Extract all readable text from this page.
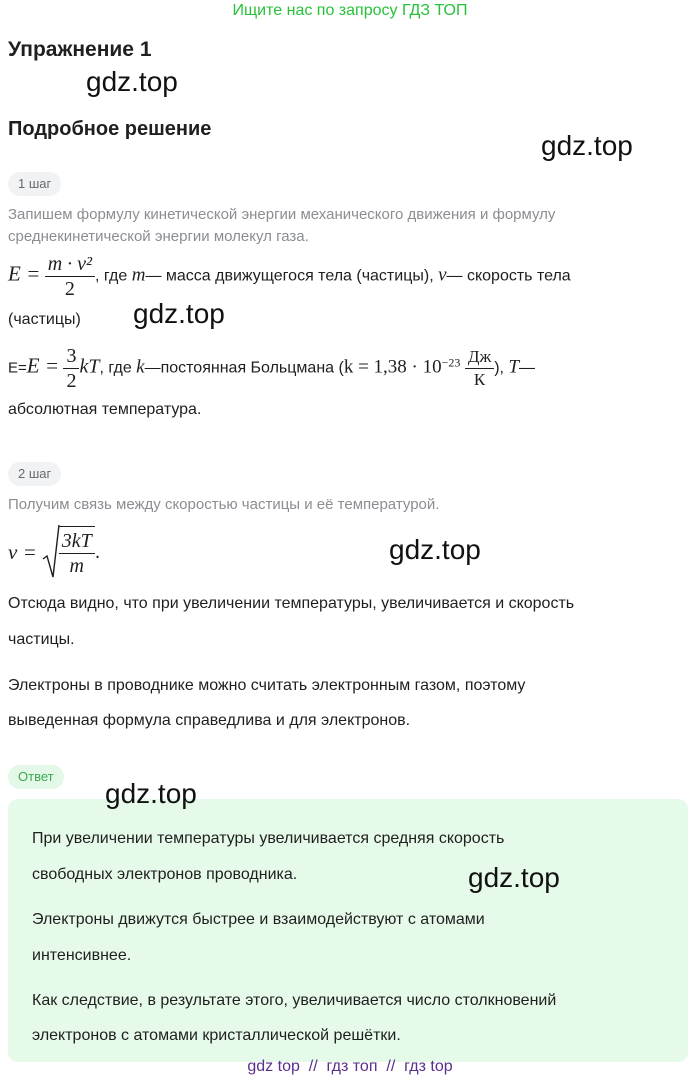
Ищите нас по запросу ГДЗ ТОП
Упражнение 1
gdz.top
Подробное решение
gdz.top
1 шаг
Запишем формулу кинетической энергии механического движения и формулу среднекинетической энергии молекул газа.
$E = \frac{\text{m · v²}}{2}$ , где m— масса движущегося тела (частицы), v— скорость тела
(частицы) gdz.top
$E=E = \frac{3}{2}$ kT, где k—постоянная Больцмана ($k = 1,38 \cdot 10^{-23} \frac{Дж}{К}$ ), T—
абсолютная температура.
2 шаг
Получим связь между скоростью частицы и её температурой.
$v = \frac{3kT}{m}$ .	gdz.top
Отсюда видно, что при увеличении температуры, увеличивается и скорость
частицы.
Электроны в проводнике можно считать электронным газом, поэтому
выведенная формула справедлива и для электронов.
Ответ
gdz.top
При увеличении температуры увеличивается средняя скорость
свободных электронов проводника.	gdz.top
Электроны движутся быстрее и взаимодействуют с атомами
интенсивнее.
Как следствие, в результате этого, увеличивается число столкновений
электронов с атомами кристаллической решётки.
gdz top  //  гдз топ  //  гдз top
